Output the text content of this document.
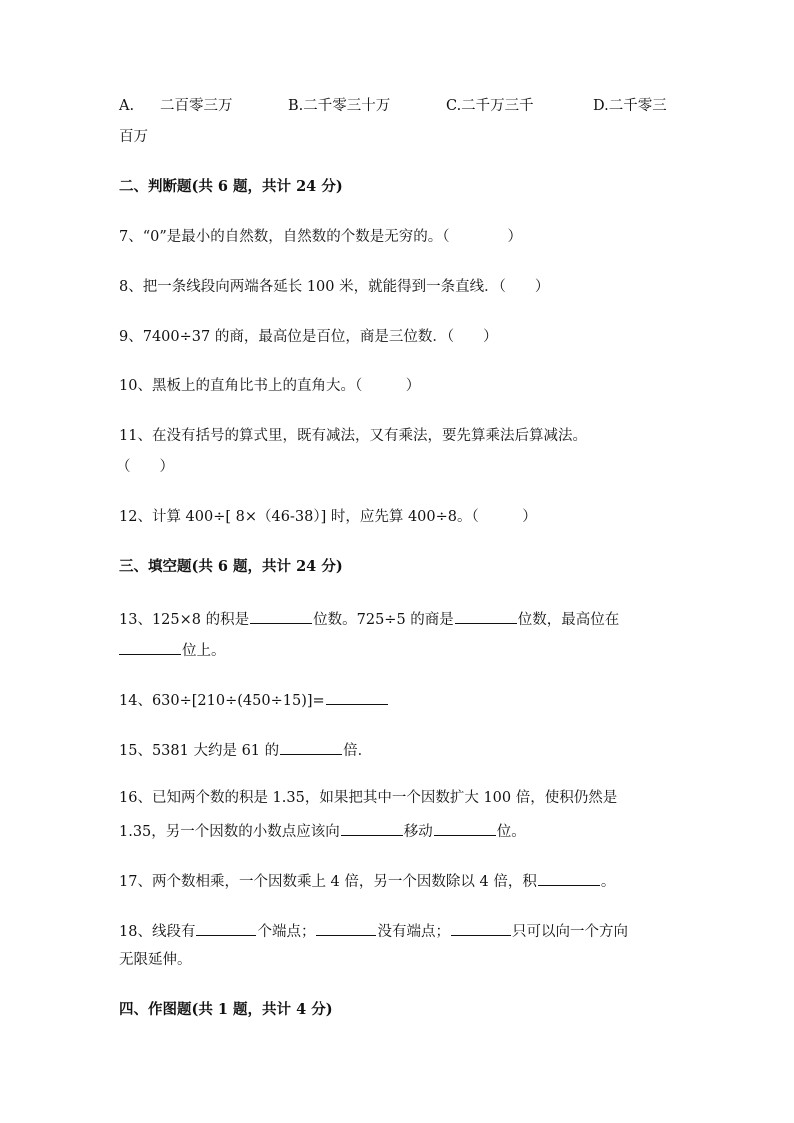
A. 二百零三万	B.二千零三十万	C.二千万三千	D.二千零三
百万
二、判断题(共 6 题，共计 24 分)
7、“0”是最小的自然数，自然数的个数是无穷的。（　　　　）
8、把一条线段向两端各延长 100 米，就能得到一条直线．（　　）
9、7400÷37 的商，最高位是百位，商是三位数．（　　）
10、黑板上的直角比书上的直角大。（　　　）
11、在没有括号的算式里，既有减法，又有乘法，要先算乘法后算减法。
（　　）
12、计算 400÷[ 8×（46-38）] 时，应先算 400÷8。（　　　）
三、填空题(共 6 题，共计 24 分)
13、125×8 的积是	位数。725÷5 的商是	位数，最高位在
位上。
14、630÷[210÷(450÷15)]=
15、5381 大约是 61 的	倍．
16、已知两个数的积是 1.35，如果把其中一个因数扩大 100 倍，使积仍然是
1.35，另一个因数的小数点应该向	移动	位。
17、两个数相乘，一个因数乘上 4 倍，另一个因数除以 4 倍，积	。
18、线段有	个端点；	没有端点；	只可以向一个方向
无限延伸。
四、作图题(共 1 题，共计 4 分)
